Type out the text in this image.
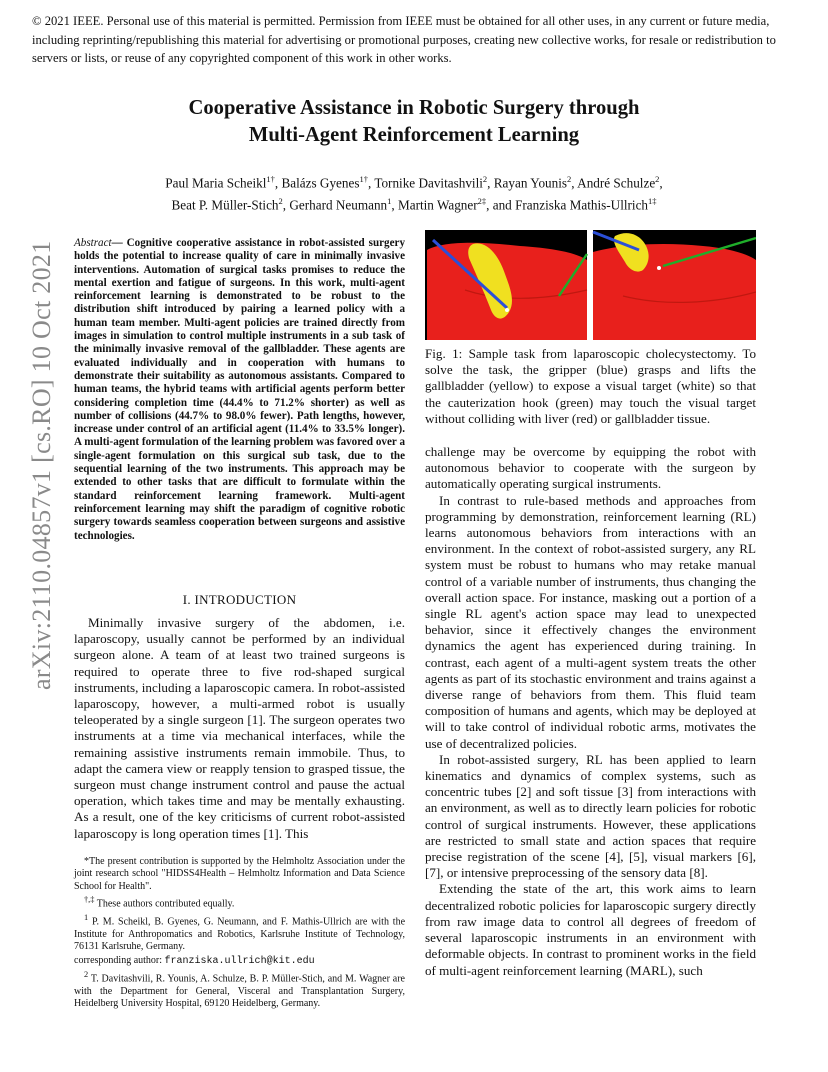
© 2021 IEEE. Personal use of this material is permitted. Permission from IEEE must be obtained for all other uses, in any current or future media, including reprinting/republishing this material for advertising or promotional purposes, creating new collective works, for resale or redistribution to servers or lists, or reuse of any copyrighted component of this work in other works.
Cooperative Assistance in Robotic Surgery through
Multi-Agent Reinforcement Learning
Paul Maria Scheikl$^{1\dagger}$, Balázs Gyenes$^{1\dagger}$, Tornike Davitashvili$^2$, Rayan Younis$^2$, André Schulze$^2$,
Beat P. Müller-Stich$^2$, Gerhard Neumann$^1$, Martin Wagner$^{2\ddagger}$, and Franziska Mathis-Ullrich$^{1\ddagger}$
arXiv:2110.04857v1 [cs.RO] 10 Oct 2021 Abstract— Cognitive cooperative assistance in robot-assisted surgery holds the potential to increase quality of care in minimally invasive interventions. Automation of surgical tasks promises to reduce the mental exertion and fatigue of surgeons. In this work, multi-agent reinforcement learning is demonstrated to be robust to the distribution shift introduced by pairing a learned policy with a human team member. Multi-agent policies are trained directly from images in simulation to control multiple instruments in a sub task of the minimally invasive removal of the gallbladder. These agents are evaluated individually and in cooperation with humans to demonstrate their suitability as autonomous assistants. Compared to human teams, the hybrid teams with artificial agents perform better considering completion time (44.4% to 71.2% shorter) as well as number of collisions (44.7% to 98.0% fewer). Path lengths, however, increase under control of an artificial agent (11.4% to 33.5% longer). A multi-agent formulation of the learning problem was favored over a single-agent formulation on this surgical sub task, due to the sequential learning of the two instruments. This approach may be extended to other tasks that are difficult to formulate within the standard reinforcement learning framework. Multi-agent reinforcement learning may shift the paradigm of cognitive robotic surgery towards seamless cooperation between surgeons and assistive technologies.
I. INTRODUCTION

Minimally invasive surgery of the abdomen, i.e. laparoscopy, usually cannot be performed by an individual surgeon alone. A team of at least two trained surgeons is required to operate three to five rod-shaped surgical instruments, including a laparoscopic camera. In robot-assisted laparoscopy, however, a multi-armed robot is usually teleoperated by a single surgeon [1]. The surgeon operates two instruments at a time via mechanical interfaces, while the remaining assistive instruments remain immobile. Thus, to adapt the camera view or reapply tension to grasped tissue, the surgeon must change instrument control and pause the actual operation, which takes time and may be mentally exhausting. As a result, one of the key criticisms of current robot-assisted laparoscopy is long operation times [1]. This

*The present contribution is supported by the Helmholtz Association under the joint research school "HIDSS4Health – Helmholtz Information and Data Science School for Health".

†,‡ These authors contributed equally.

$^1$ P. M. Scheikl, B. Gyenes, G. Neumann, and F. Mathis-Ullrich are with the Institute for Anthropomatics and Robotics, Karlsruhe Institute of Technology, 76131 Karlsruhe, Germany.

corresponding author: franziska.ullrich@kit.edu

$^2$ T. Davitashvili, R. Younis, A. Schulze, B. P. Müller-Stich, and M. Wagner are with the Department for General, Visceral and Transplantation Surgery, Heidelberg University Hospital, 69120 Heidelberg, Germany.

Fig. 1: Sample task from laparoscopic cholecystectomy. To solve the task, the gripper (blue) grasps and lifts the gallbladder (yellow) to expose a visual target (white) so that the cauterization hook (green) may touch the visual target without colliding with liver (red) or gallbladder tissue.

challenge may be overcome by equipping the robot with autonomous behavior to cooperate with the surgeon by automatically operating surgical instruments.

In contrast to rule-based methods and approaches from programming by demonstration, reinforcement learning (RL) learns autonomous behaviors from interactions with an environment. In the context of robot-assisted surgery, any RL system must be robust to humans who may retake manual control of a variable number of instruments, thus changing the overall action space. For instance, masking out a portion of a single RL agent's action space may lead to unexpected behavior, since it effectively changes the environment dynamics the agent has experienced during training. In contrast, each agent of a multi-agent system treats the other agents as part of its stochastic environment and trains against a diverse range of behaviors from them. This fluid team composition of humans and agents, which may be deployed at will to take control of individual robotic arms, motivates the use of decentralized policies.

In robot-assisted surgery, RL has been applied to learn kinematics and dynamics of complex systems, such as concentric tubes [2] and soft tissue [3] from interactions with an environment, as well as to directly learn policies for robotic control of surgical instruments. However, these applications are restricted to small state and action spaces that require precise registration of the scene [4], [5], visual markers [6], [7], or intensive preprocessing of the sensory data [8].

Extending the state of the art, this work aims to learn decentralized robotic policies for laparoscopic surgery directly from raw image data to control all degrees of freedom of several laparoscopic instruments in an environment with deformable objects. In contrast to prominent works in the field of multi-agent reinforcement learning (MARL), such
